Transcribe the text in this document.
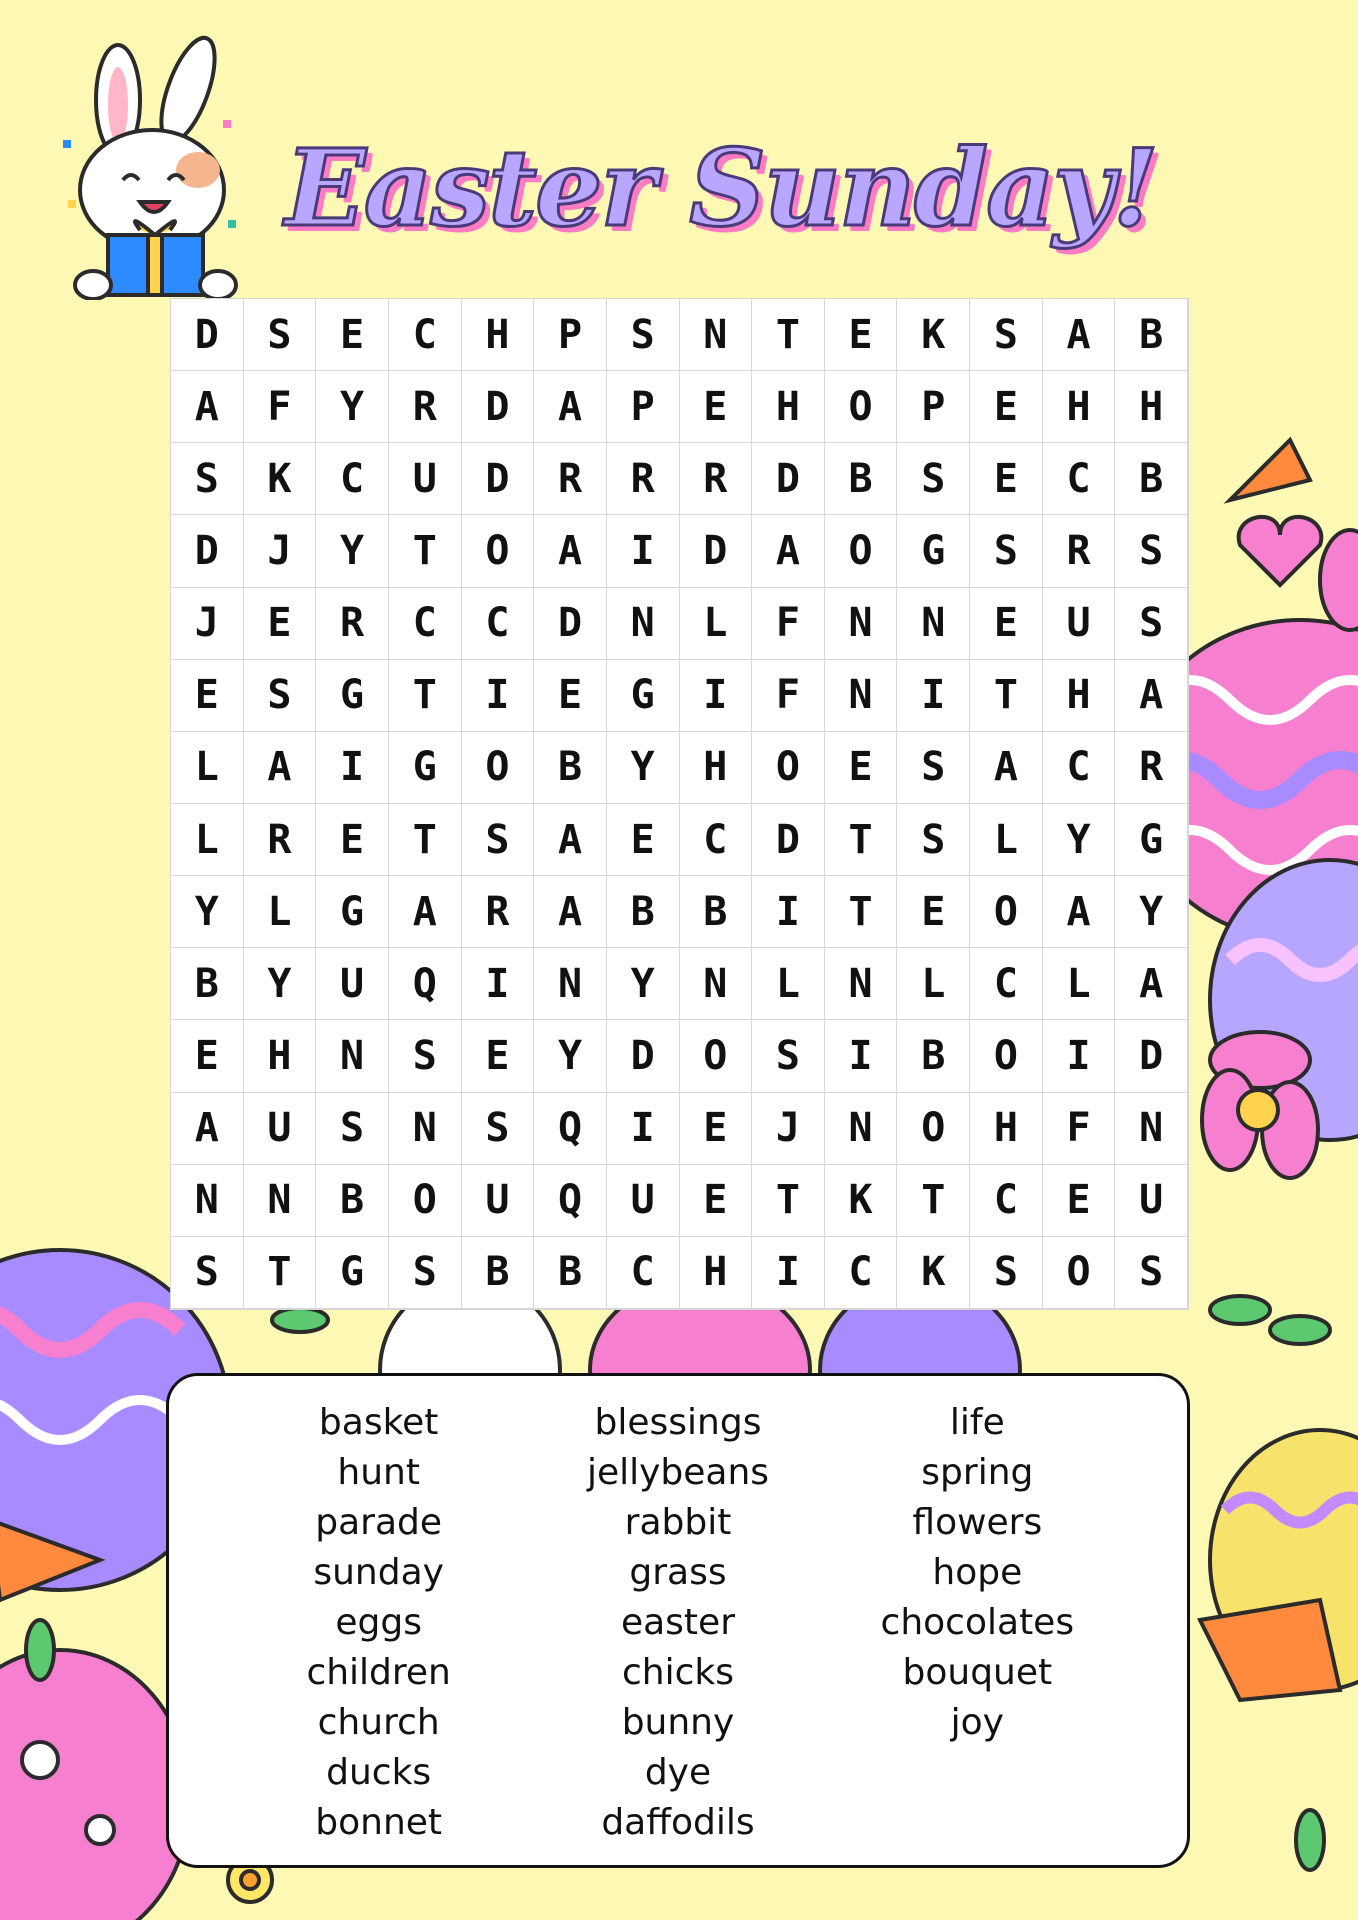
Easter Sunday!
D	S	E	C	H	P	S	N	T	E	K	S	A	B
A	F	Y	R	D	A	P	E	H	O	P	E	H	H
S	K	C	U	D	R	R	R	D	B	S	E	C	B
D	J	Y	T	O	A	I	D	A	O	G	S	R	S
J	E	R	C	C	D	N	L	F	N	N	E	U	S
E	S	G	T	I	E	G	I	F	N	I	T	H	A
L	A	I	G	O	B	Y	H	O	E	S	A	C	R
L	R	E	T	S	A	E	C	D	T	S	L	Y	G
Y	L	G	A	R	A	B	B	I	T	E	O	A	Y
B	Y	U	Q	I	N	Y	N	L	N	L	C	L	A
E	H	N	S	E	Y	D	O	S	I	B	O	I	D
A	U	S	N	S	Q	I	E	J	N	O	H	F	N
N	N	B	O	U	Q	U	E	T	K	T	C	E	U
S	T	G	S	B	B	C	H	I	C	K	S	O	S
basket
hunt
parade
sunday
eggs
children
church
ducks
bonnet
blessings
jellybeans
rabbit
grass
easter
chicks
bunny
dye
daffodils
life
spring
flowers
hope
chocolates
bouquet
joy
